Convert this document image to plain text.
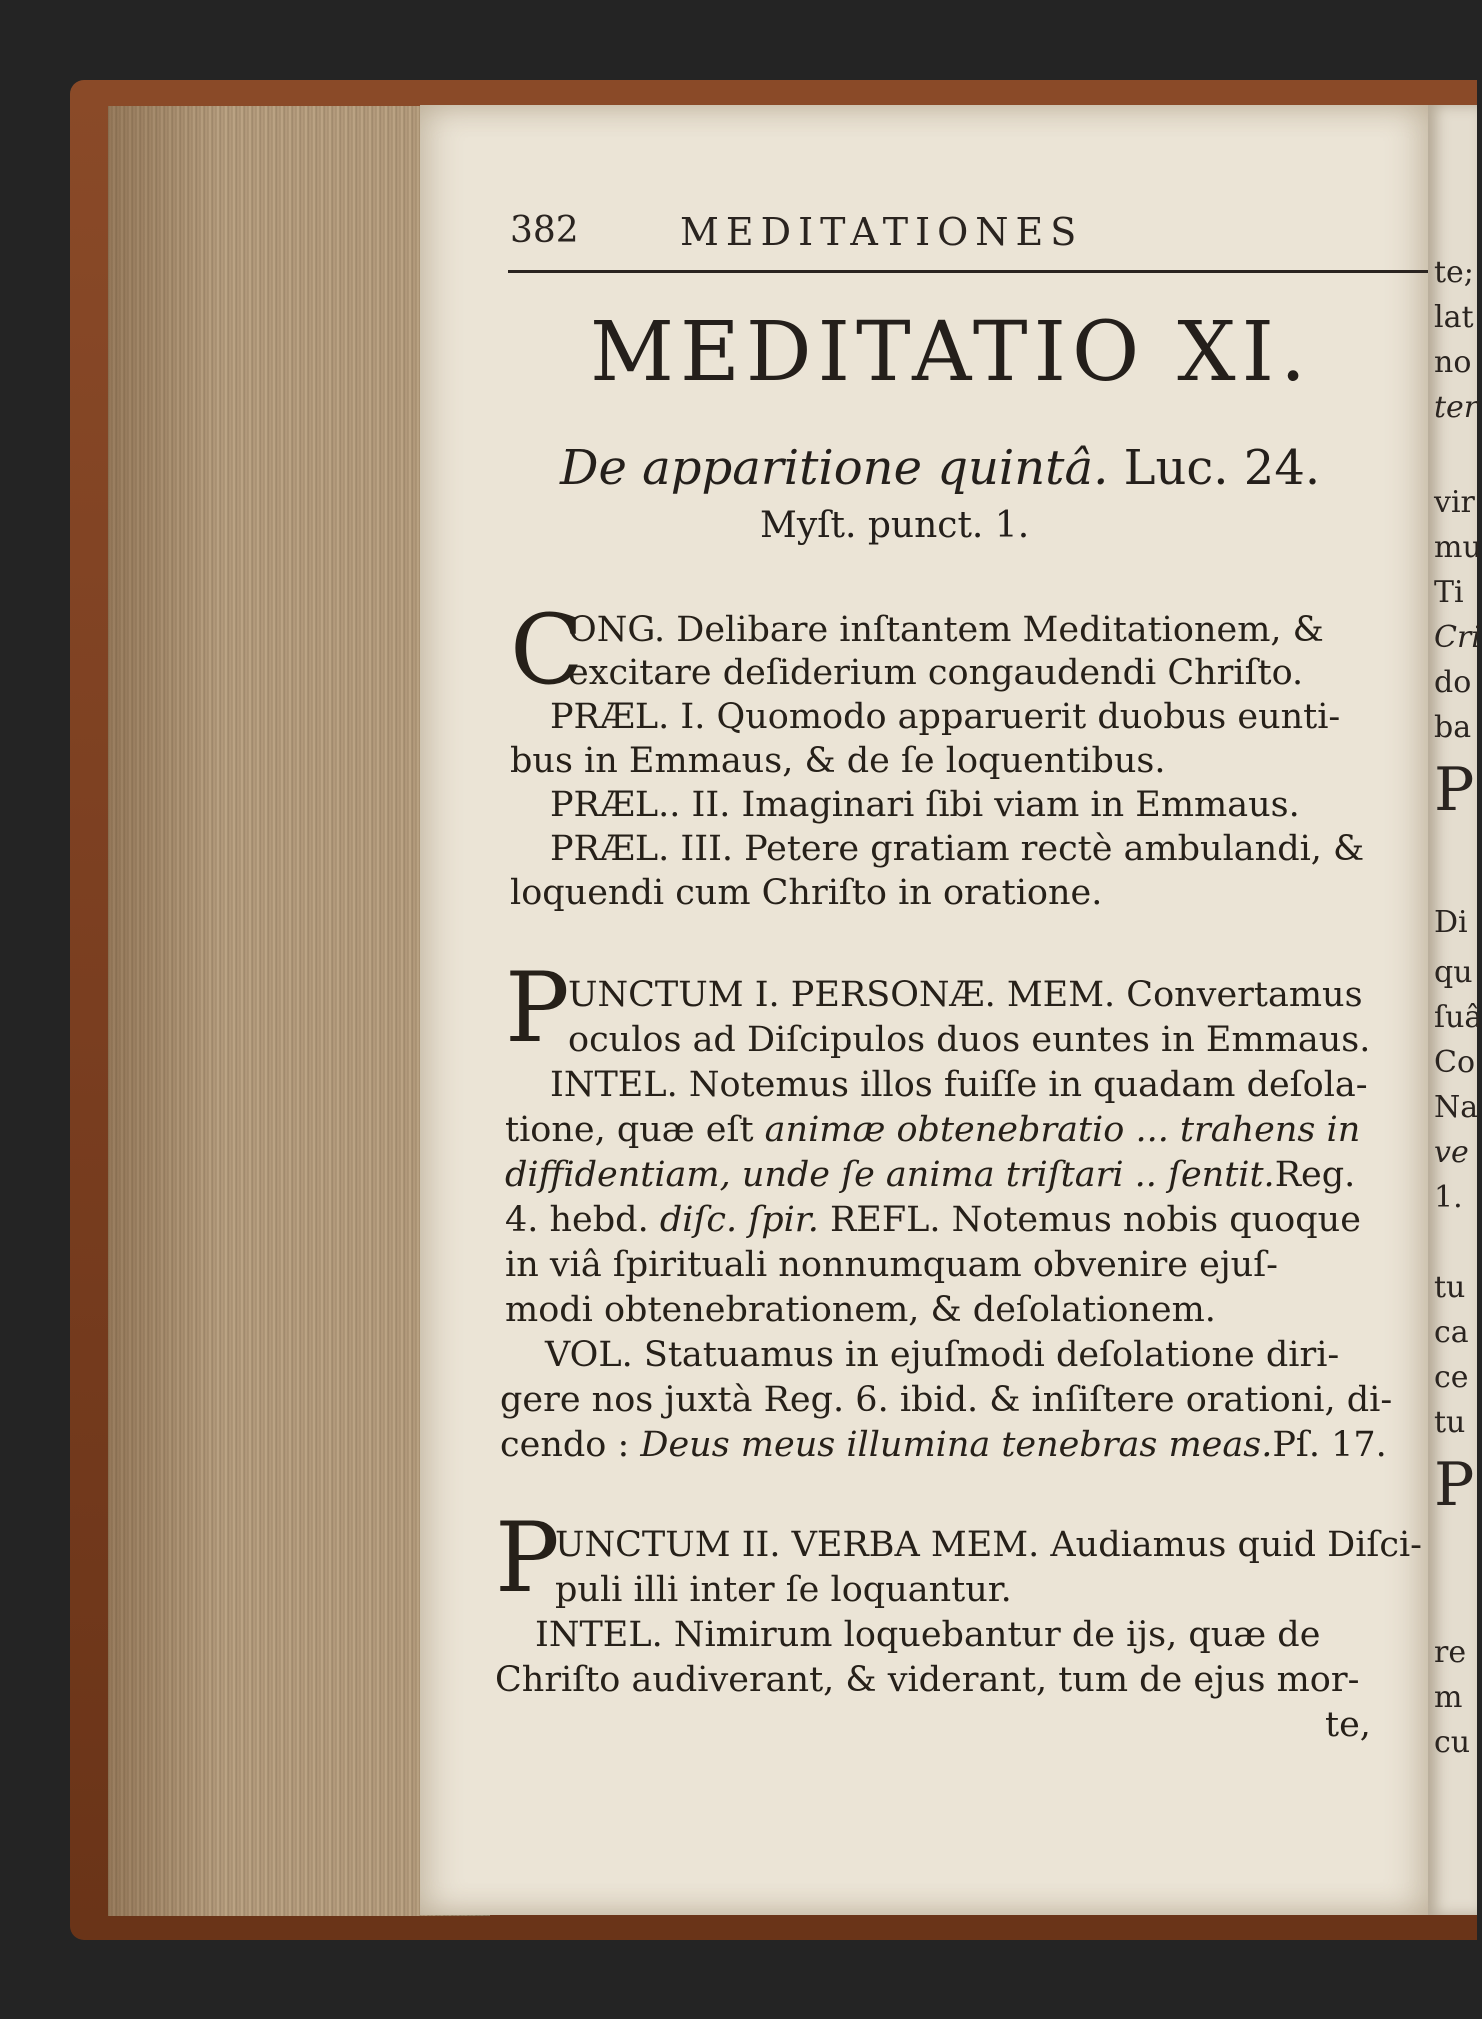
382	MEDITATIONES
MEDITATIO XI.
De apparitione quintâ. Luc. 24.
Myſt. punct. 1.
C
ONG. Delibare inſtantem Meditationem, &
excitare deſiderium congaudendi Chriſto.
PRÆL. I. Quomodo apparuerit duobus eunti-
bus in Emmaus, & de ſe loquentibus.
PRÆL.. II. Imaginari ſibi viam in Emmaus.
PRÆL. III. Petere gratiam rectè ambulandi, &
loquendi cum Chriſto in oratione.
P
UNCTUM I. PERSONÆ. MEM. Convertamus
oculos ad Diſcipulos duos euntes in Emmaus.
INTEL. Notemus illos fuiſſe in quadam deſola-
tione, quæ eſt animæ obtenebratio ... trahens in
diffidentiam, unde ſe anima triſtari .. ſentit.Reg.
4. hebd. diſc. ſpir. REFL. Notemus nobis quoque
in viâ ſpirituali nonnumquam obvenire ejuſ-
modi obtenebrationem, & deſolationem.
VOL. Statuamus in ejuſmodi deſolatione diri-
gere nos juxtà Reg. 6. ibid. & inſiſtere orationi, di-
cendo : Deus meus illumina tenebras meas.Pſ. 17.
P
UNCTUM II. VERBA MEM. Audiamus quid Diſci-
puli illi inter ſe loquantur.
INTEL. Nimirum loquebantur de ijs, quæ de
Chriſto audiverant, & viderant, tum de ejus mor-
te,
te;
lat
no
ter
vir
mu
Ti
Cri
do
ba
P
Di
qu
ſuâ
Co
Na
ve
1.
tu
ca
ce
tu
P
re
m
cu
